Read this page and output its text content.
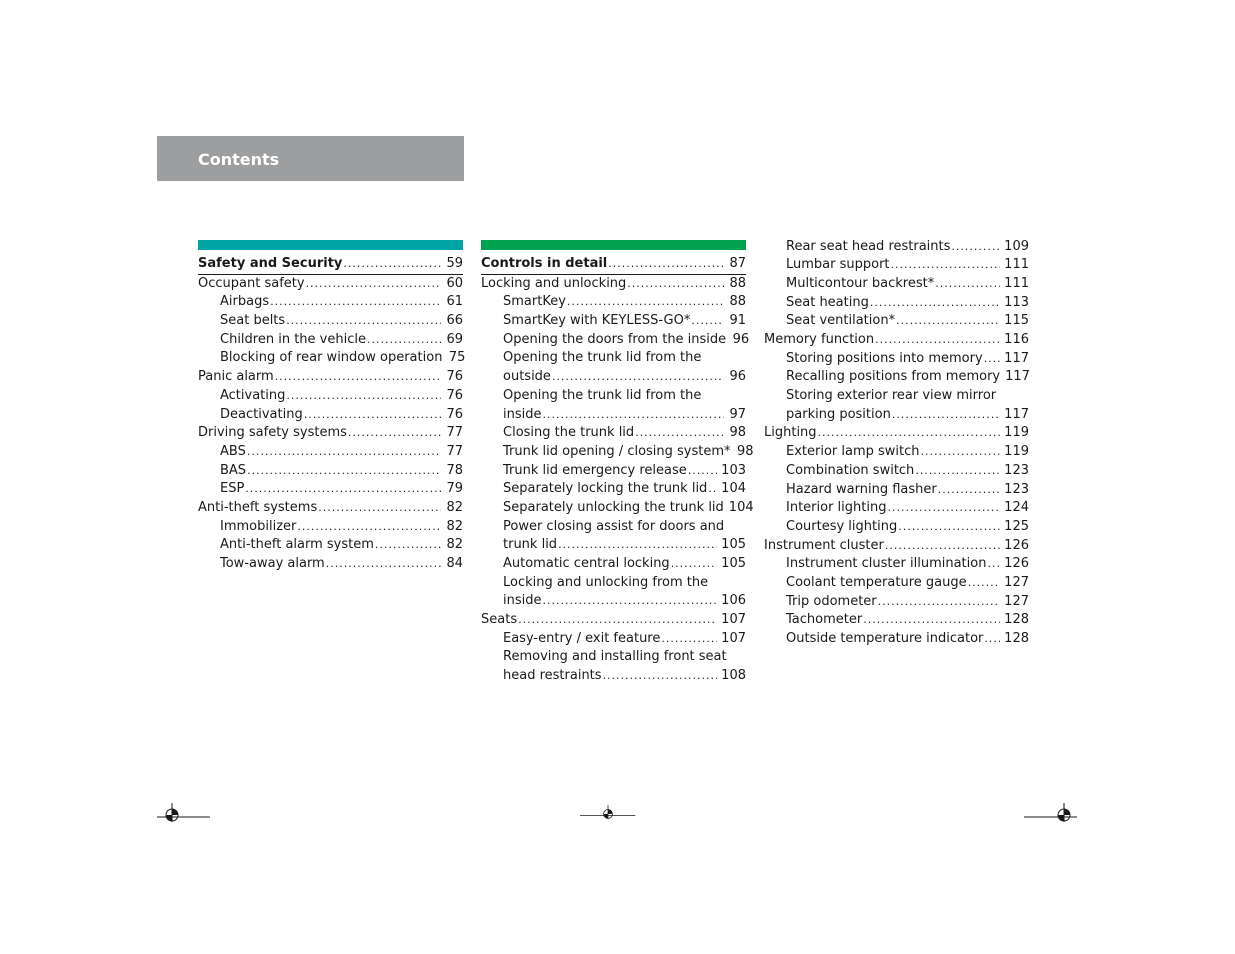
Contents
Safety and Security .....	59
Occupant safety .....	60
Airbags .....	61
Seat belts .....	66
Children in the vehicle .....	69
Blocking of rear window operation 75
Panic alarm .....	76
Activating .....	76
Deactivating .....	76
Driving safety systems .....	77
ABS .....	77
BAS .....	78
ESP .....	79
Anti-theft systems .....	82
Immobilizer .....	82
Anti-theft alarm system .....	82
Tow-away alarm .....	84
Controls in detail .....	87
Locking and unlocking .....	88
SmartKey .....	88
SmartKey with KEYLESS-GO* .....	91
Opening the doors from the inside 96
Opening the trunk lid from the
outside .....	96
Opening the trunk lid from the
inside .....	97
Closing the trunk lid .....	98
Trunk lid opening / closing system* 98
Trunk lid emergency release .....	103
Separately locking the trunk lid ..... 104
Separately unlocking the trunk lid 104
Power closing assist for doors and
trunk lid .....	105
Automatic central locking .....	105
Locking and unlocking from the
inside .....	106
Seats .....	107
Easy-entry / exit feature .....	107
Removing and installing front seat
head restraints .....	108
Rear seat head restraints .....	109
Lumbar support .....	111
Multicontour backrest* .....	111
Seat heating .....	113
Seat ventilation* .....	115
Memory function .....	116
Storing positions into memory ..... 117
Recalling positions from memory 117
Storing exterior rear view mirror
parking position .....	117
Lighting .....	119
Exterior lamp switch .....	119
Combination switch .....	123
Hazard warning flasher .....	123
Interior lighting .....	124
Courtesy lighting .....	125
Instrument cluster .....	126
Instrument cluster illumination ..... 126
Coolant temperature gauge .....	127
Trip odometer .....	127
Tachometer .....	128
Outside temperature indicator ..... 128
